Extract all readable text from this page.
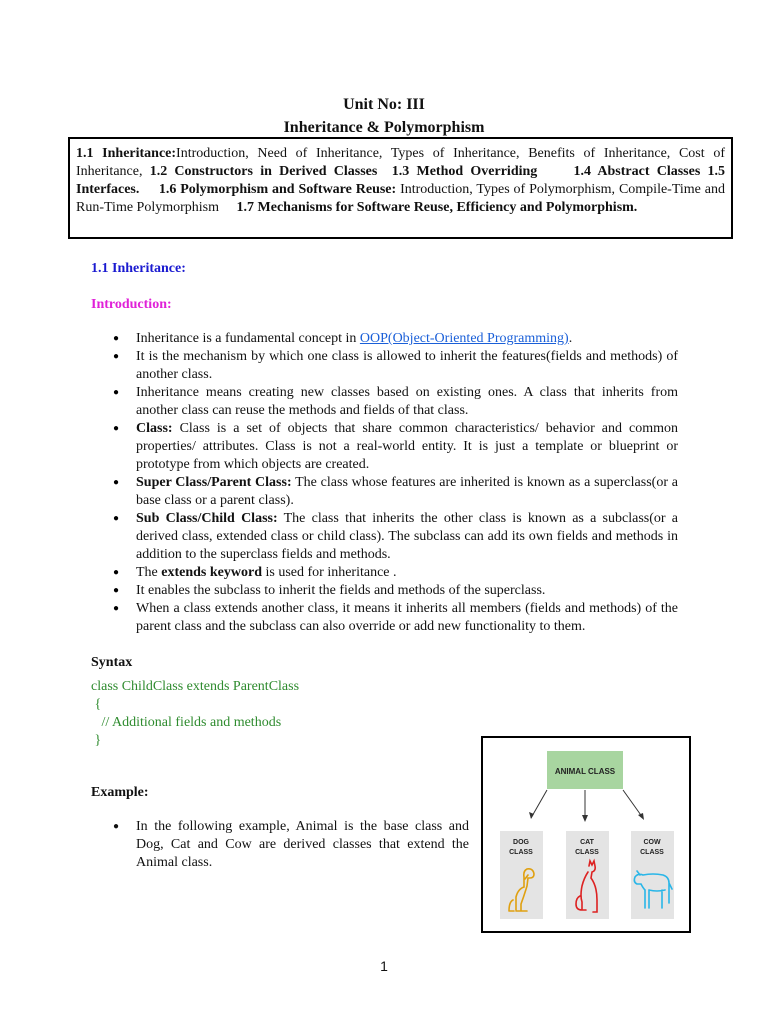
Unit No: III
Inheritance & Polymorphism
1.1 Inheritance:Introduction, Need of Inheritance, Types of Inheritance, Benefits of Inheritance, Cost of Inheritance, 1.2 Constructors in Derived Classes 1.3 Method Overriding	1.4 Abstract Classes 1.5 Interfaces. 1.6 Polymorphism and Software Reuse: Introduction, Types of Polymorphism, Compile-Time and Run-Time Polymorphism     1.7 Mechanisms for Software Reuse, Efficiency and Polymorphism.
1.1 Inheritance:
Introduction:
● Inheritance is a fundamental concept in OOP(Object-Oriented Programming).
● It is the mechanism by which one class is allowed to inherit the features(fields and methods) of another class.
● Inheritance means creating new classes based on existing ones. A class that inherits from another class can reuse the methods and fields of that class.
● Class: Class is a set of objects that share common characteristics/ behavior and common properties/ attributes. Class is not a real-world entity. It is just a template or blueprint or prototype from which objects are created.
● Super Class/Parent Class: The class whose features are inherited is known as a superclass(or a base class or a parent class).
● Sub Class/Child Class: The class that inherits the other class is known as a subclass(or a derived class, extended class or child class). The subclass can add its own fields and methods in addition to the superclass fields and methods.
● The extends keyword is used for inheritance .
● It enables the subclass to inherit the fields and methods of the superclass.
● When a class extends another class, it means it inherits all members (fields and methods) of the parent class and the subclass can also override or add new functionality to them.
Syntax
class ChildClass extends ParentClass
{
// Additional fields and methods
}
Example:
● In the following example, Animal is the base class and Dog, Cat and Cow are derived classes that extend the Animal class.
ANIMAL CLASS
DOG
CLASS
CAT
CLASS
COW
CLASS
1
